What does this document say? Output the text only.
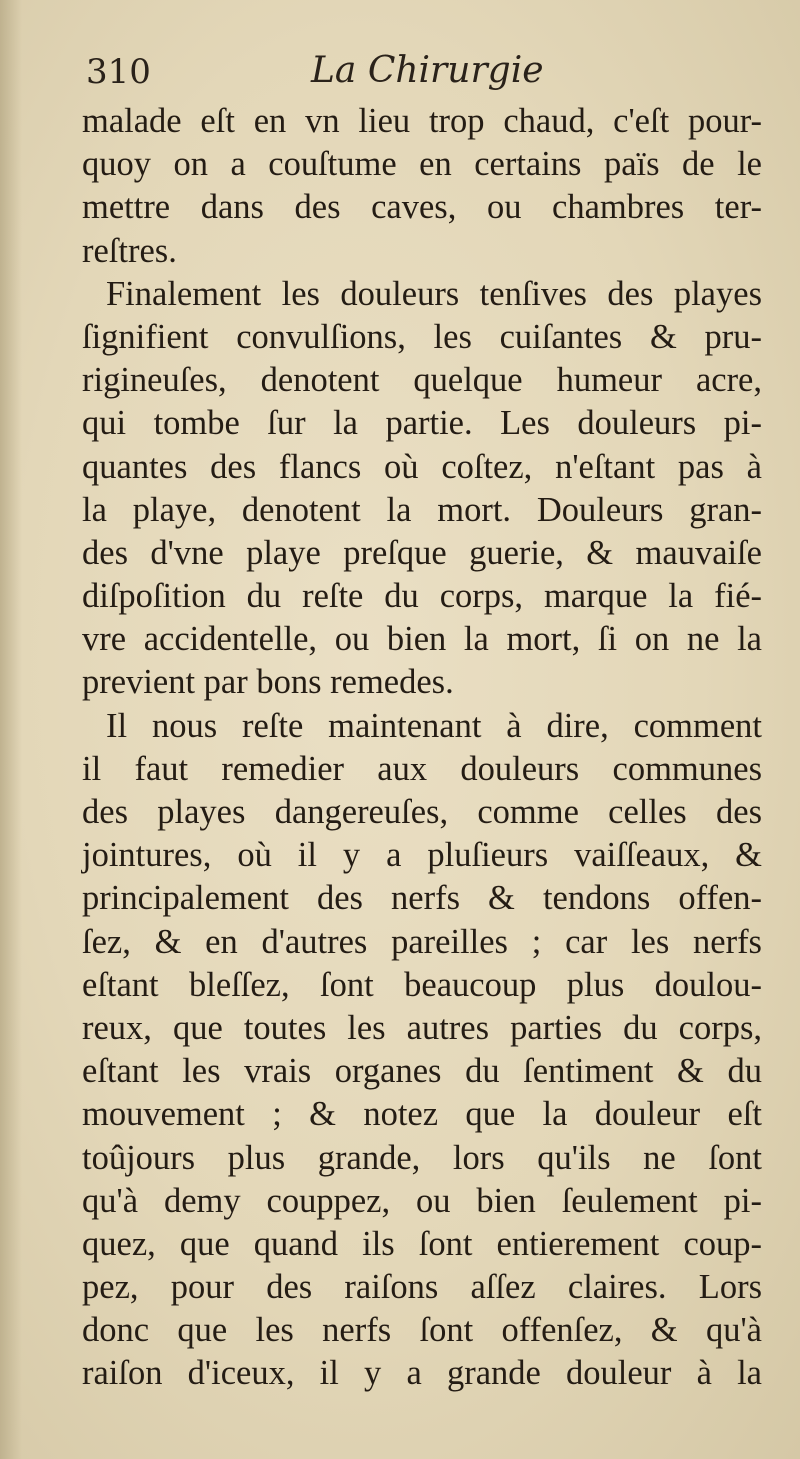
310	La Chirurgie
malade eſt en vn lieu trop chaud, c'eſt pour-
quoy on a couſtume en certains païs de le
mettre dans des caves, ou chambres ter-
reſtres.
Finalement les douleurs tenſives des playes
ſignifient convulſions, les cuiſantes & pru-
rigineuſes, denotent quelque humeur acre,
qui tombe ſur la partie. Les douleurs pi-
quantes des flancs où coſtez, n'eſtant pas à
la playe, denotent la mort. Douleurs gran-
des d'vne playe preſque guerie, & mauvaiſe
diſpoſition du reſte du corps, marque la fié-
vre accidentelle, ou bien la mort, ſi on ne la
previent par bons remedes.
Il nous reſte maintenant à dire, comment
il faut remedier aux douleurs communes
des playes dangereuſes, comme celles des
jointures, où il y a pluſieurs vaiſſeaux, &
principalement des nerfs & tendons offen-
ſez, & en d'autres pareilles ; car les nerfs
eſtant bleſſez, ſont beaucoup plus doulou-
reux, que toutes les autres parties du corps,
eſtant les vrais organes du ſentiment & du
mouvement ; & notez que la douleur eſt
toûjours plus grande, lors qu'ils ne ſont
qu'à demy couppez, ou bien ſeulement pi-
quez, que quand ils ſont entierement coup-
pez, pour des raiſons aſſez claires. Lors
donc que les nerfs ſont offenſez, & qu'à
raiſon d'iceux, il y a grande douleur à la
